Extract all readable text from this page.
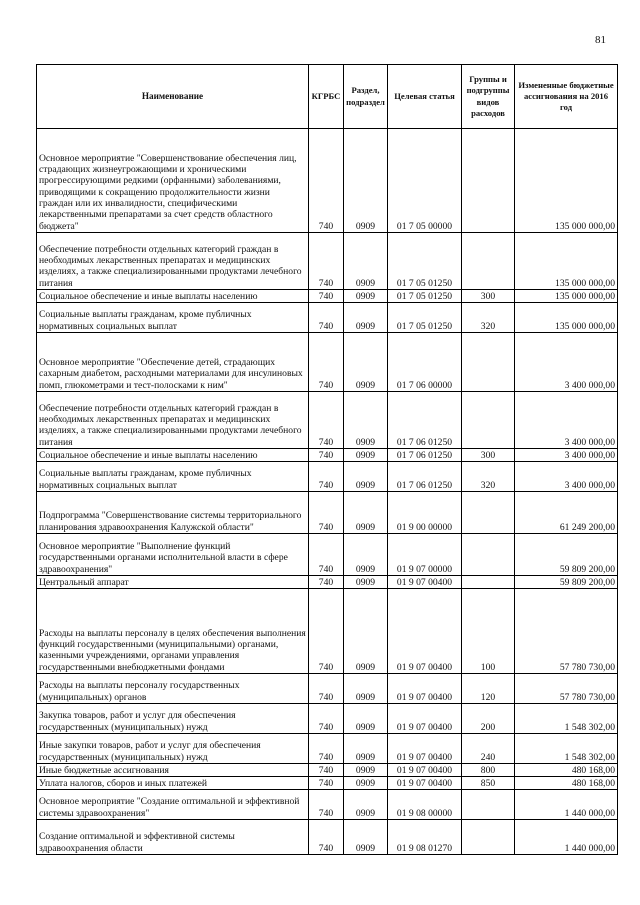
81
Наименование	КГРБС	Раздел, подраздел	Целевая статья	Группы и подгруппы видов расходов	Измененные бюджетные ассигнования на 2016 год
Основное мероприятие "Совершенствование обеспечения лиц, страдающих жизнеугрожающими и хроническими прогрессирующими редкими (орфанными) заболеваниями, приводящими к сокращению продолжительности жизни граждан или их инвалидности, специфическими лекарственными препаратами за счет средств областного бюджета"	740	0909	01 7 05 00000		135 000 000,00
Обеспечение потребности отдельных категорий граждан в необходимых лекарственных препаратах и медицинских изделиях, а также специализированными продуктами лечебного питания	740	0909	01 7 05 01250		135 000 000,00
Социальное обеспечение и иные выплаты населению	740	0909	01 7 05 01250	300	135 000 000,00
Социальные выплаты гражданам, кроме публичных нормативных социальных выплат	740	0909	01 7 05 01250	320	135 000 000,00
Основное мероприятие "Обеспечение детей, страдающих сахарным диабетом, расходными материалами для инсулиновых помп, глюкометрами и тест-полосками к ним"	740	0909	01 7 06 00000		3 400 000,00
Обеспечение потребности отдельных категорий граждан в необходимых лекарственных препаратах и медицинских изделиях, а также специализированными продуктами лечебного питания	740	0909	01 7 06 01250		3 400 000,00
Социальное обеспечение и иные выплаты населению	740	0909	01 7 06 01250	300	3 400 000,00
Социальные выплаты гражданам, кроме публичных нормативных социальных выплат	740	0909	01 7 06 01250	320	3 400 000,00
Подпрограмма "Совершенствование системы территориального планирования здравоохранения Калужской области"	740	0909	01 9 00 00000		61 249 200,00
Основное мероприятие "Выполнение функций государственными органами исполнительной власти в сфере здравоохранения"	740	0909	01 9 07 00000		59 809 200,00
Центральный аппарат	740	0909	01 9 07 00400		59 809 200,00
Расходы на выплаты персоналу в целях обеспечения выполнения функций государственными (муниципальными) органами, казенными учреждениями, органами управления государственными внебюджетными фондами	740	0909	01 9 07 00400	100	57 780 730,00
Расходы на выплаты персоналу государственных (муниципальных) органов	740	0909	01 9 07 00400	120	57 780 730,00
Закупка товаров, работ и услуг для обеспечения государственных (муниципальных) нужд	740	0909	01 9 07 00400	200	1 548 302,00
Иные закупки товаров, работ и услуг для обеспечения государственных (муниципальных) нужд	740	0909	01 9 07 00400	240	1 548 302,00
Иные бюджетные ассигнования	740	0909	01 9 07 00400	800	480 168,00
Уплата налогов, сборов и иных платежей	740	0909	01 9 07 00400	850	480 168,00
Основное мероприятие "Создание оптимальной и эффективной системы здравоохранения"	740	0909	01 9 08 00000		1 440 000,00
Создание оптимальной и эффективной системы здравоохранения области	740	0909	01 9 08 01270		1 440 000,00
